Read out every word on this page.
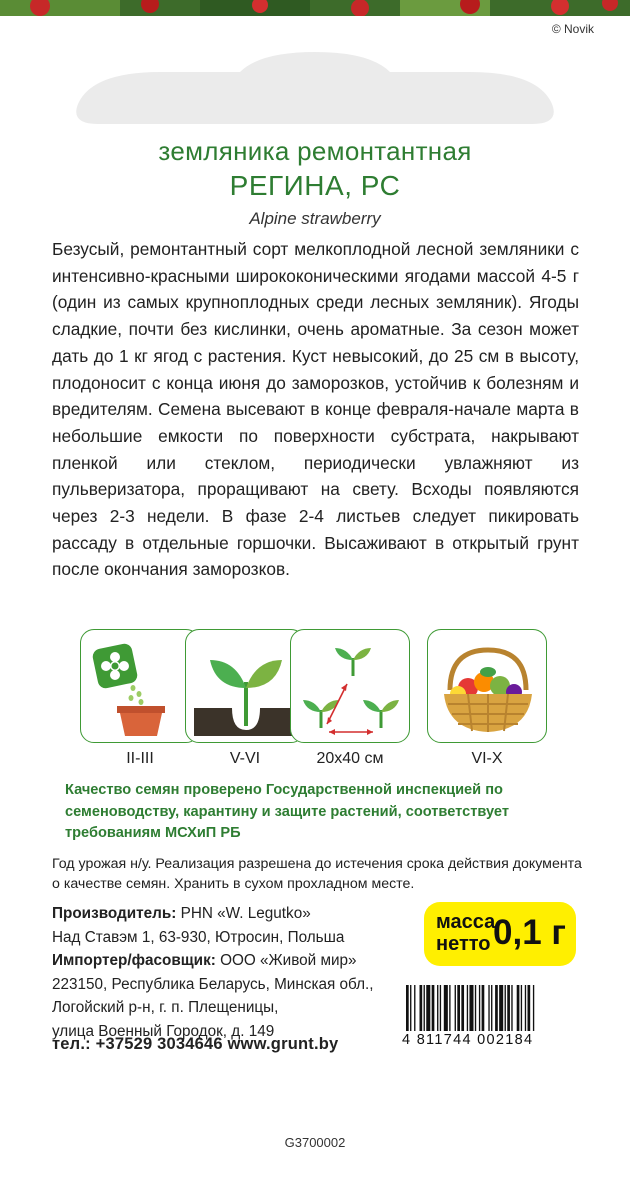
© Novik
земляника ремонтантная
РЕГИНА, РС
Alpine strawberry

Безусый, ремонтантный сорт мелкоплодной лесной земляники с интенсивно-красными ширококоническими ягодами массой 4-5 г (один из самых крупноплодных среди лесных земляник). Ягоды сладкие, почти без кислинки, очень ароматные. За сезон может дать до 1 кг ягод с растения. Куст невысокий, до 25 см в высоту, плодоносит с конца июня до заморозков, устойчив к болезням и вредителям. Семена высевают в конце февраля-начале марта в небольшие емкости по поверхности субстрата, накрывают пленкой или стеклом, периодически увлажняют из пульверизатора, проращивают на свету. Всходы появляются через 2-3 недели. В фазе 2-4 листьев следует пикировать рассаду в отдельные горшочки. Высаживают в открытый грунт после окончания заморозков.

II-III	V-VI	20x40 см	VI-X

Качество семян проверено Государственной инспекцией по семеноводству, карантину и защите растений, соответствует требованиям МСХиП РБ

Год урожая н/у. Реализация разрешена до истечения срока действия документа о качестве семян. Хранить в сухом прохладном месте.

Производитель: PHN «W. Legutko»
Над Ставэм 1, 63-930, Ютросин, Польша
Импортер/фасовщик: ООО «Живой мир»
223150, Республика Беларусь, Минская обл.,
Логойский р-н, г. п. Плещеницы,
улица Военный Городок, д. 149
тел.: +37529 3034646 www.grunt.by
масса
нетто 0,1 г
4 811744 002184
G3700002
